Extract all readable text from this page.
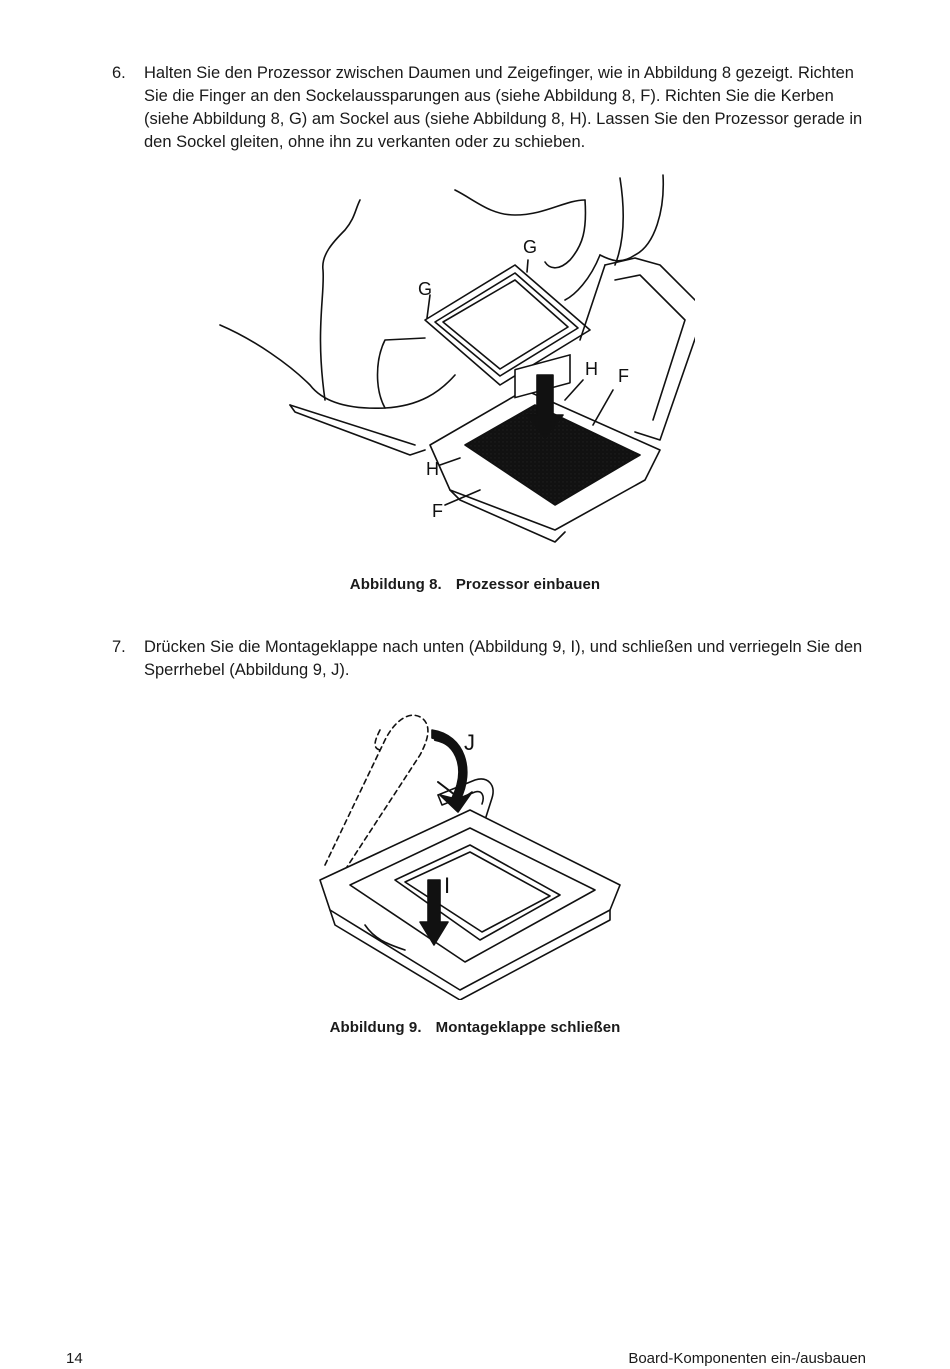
6. Halten Sie den Prozessor zwischen Daumen und Zeigefinger, wie in Abbildung 8 gezeigt. Richten Sie die Finger an den Sockelaussparungen aus (siehe Abbildung 8, F). Richten Sie die Kerben (siehe Abbildung 8, G) am Sockel aus (siehe Abbildung 8, H). Lassen Sie den Prozessor gerade in den Sockel gleiten, ohne ihn zu verkanten oder zu schieben.
G
G
H F
H
F
Abbildung 8. Prozessor einbauen
7. Drücken Sie die Montageklappe nach unten (Abbildung 9, I), und schließen und verriegeln Sie den Sperrhebel (Abbildung 9, J).
J
I
Abbildung 9. Montageklappe schließen
14	Board-Komponenten ein-/ausbauen
